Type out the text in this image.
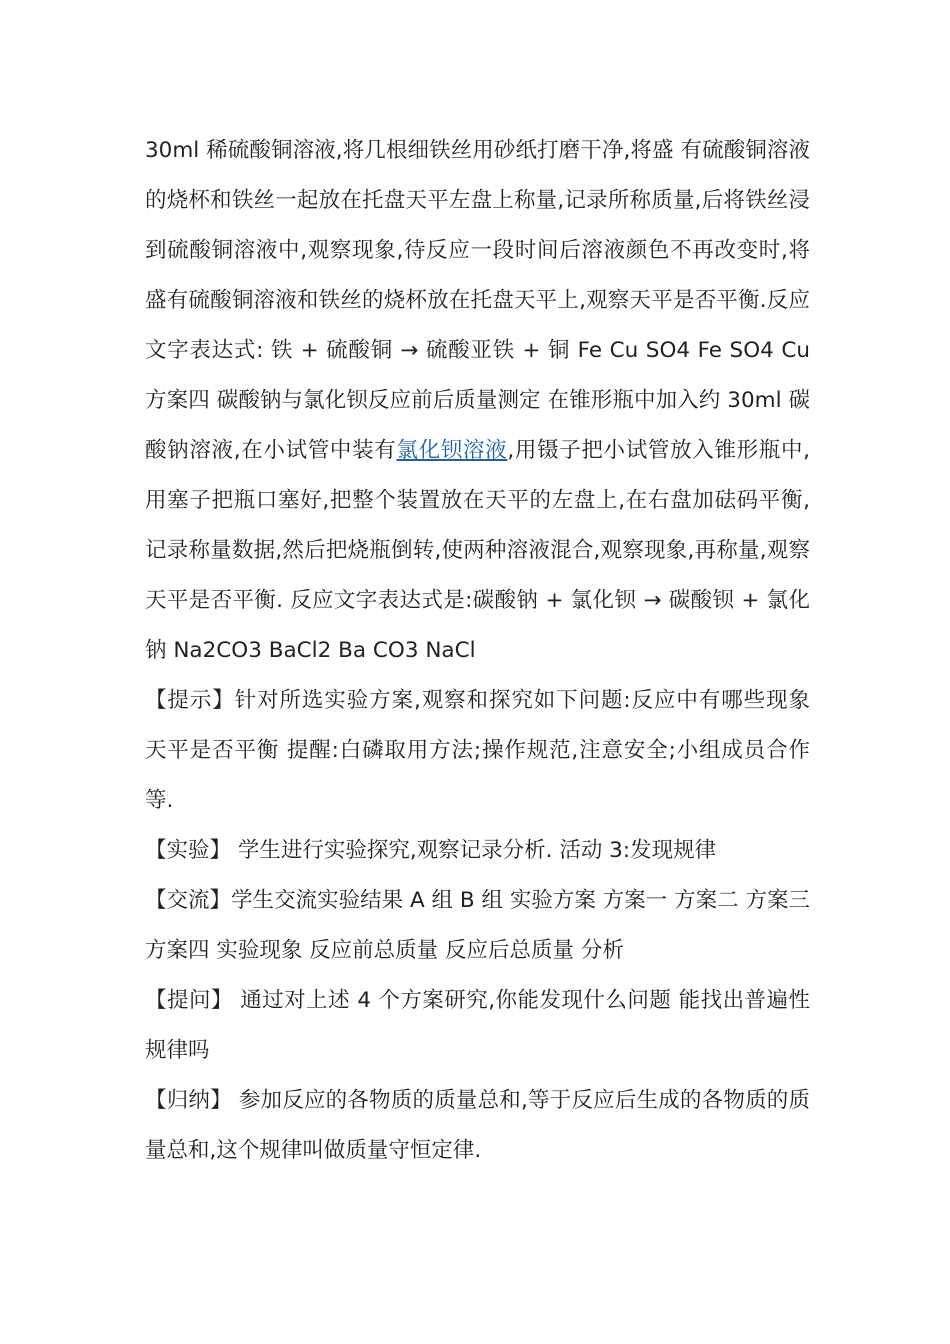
30ml 稀硫酸铜溶液,将几根细铁丝用砂纸打磨干净,将盛 有硫酸铜溶液的烧杯和铁丝一起放在托盘天平左盘上称量,记录所称质量,后将铁丝浸到硫酸铜溶液中,观察现象,待反应一段时间后溶液颜色不再改变时,将盛有硫酸铜溶液和铁丝的烧杯放在托盘天平上,观察天平是否平衡.反应文字表达式: 铁 + 硫酸铜 → 硫酸亚铁 + 铜 Fe Cu SO4 Fe SO4 Cu 方案四 碳酸钠与氯化钡反应前后质量测定 在锥形瓶中加入约 30ml 碳酸钠溶液,在小试管中装有氯化钡溶液,用镊子把小试管放入锥形瓶中,用塞子把瓶口塞好,把整个装置放在天平的左盘上,在右盘加砝码平衡,记录称量数据,然后把烧瓶倒转,使两种溶液混合,观察现象,再称量,观察天平是否平衡. 反应文字表达式是:碳酸钠 + 氯化钡 → 碳酸钡 + 氯化钠 Na2CO3 BaCl2 Ba CO3 NaCl

【提示】针对所选实验方案,观察和探究如下问题:反应中有哪些现象 天平是否平衡 提醒:白磷取用方法;操作规范,注意安全;小组成员合作等.

【实验】 学生进行实验探究,观察记录分析. 活动 3:发现规律

【交流】学生交流实验结果 A 组 B 组 实验方案 方案一 方案二 方案三 方案四 实验现象 反应前总质量 反应后总质量 分析

【提问】 通过对上述 4 个方案研究,你能发现什么问题 能找出普遍性规律吗

【归纳】 参加反应的各物质的质量总和,等于反应后生成的各物质的质量总和,这个规律叫做质量守恒定律.
